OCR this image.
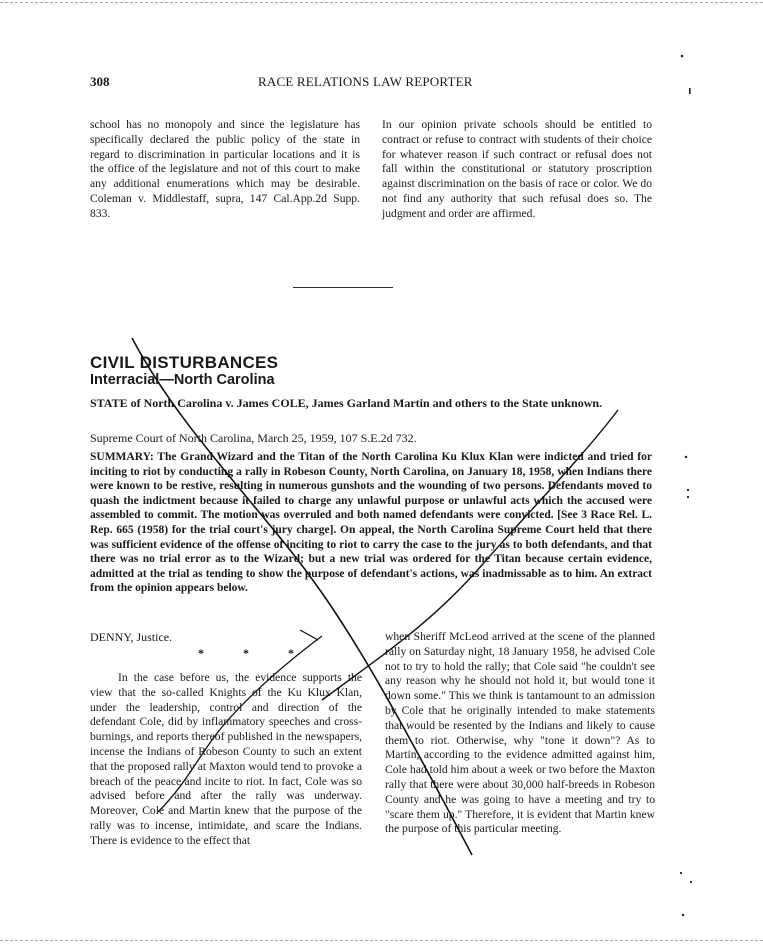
308	RACE RELATIONS LAW REPORTER

school has no monopoly and since the legislature has specifically declared the public policy of the state in regard to discrimination in particular locations and it is the office of the legislature and not of this court to make any additional enumerations which may be desirable. Coleman v. Middlestaff, supra, 147 Cal.App.2d Supp. 833.

In our opinion private schools should be entitled to contract or refuse to contract with students of their choice for whatever reason if such contract or refusal does not fall within the constitutional or statutory proscription against discrimination on the basis of race or color. We do not find any authority that such refusal does so. The judgment and order are affirmed.

CIVIL DISTURBANCES
Interracial—North Carolina
STATE of North Carolina v. James COLE, James Garland Martin and others to the State unknown.
Supreme Court of North Carolina, March 25, 1959, 107 S.E.2d 732.
SUMMARY: The Grand Wizard and the Titan of the North Carolina Ku Klux Klan were indicted and tried for inciting to riot by conducting a rally in Robeson County, North Carolina, on January 18, 1958, when Indians there were known to be restive, resulting in numerous gunshots and the wounding of two persons. Defendants moved to quash the indictment because it failed to charge any unlawful purpose or unlawful acts which the accused were assembled to commit. The motion was overruled and both named defendants were convicted. [See 3 Race Rel. L. Rep. 665 (1958) for the trial court's jury charge]. On appeal, the North Carolina Supreme Court held that there was sufficient evidence of the offense of inciting to riot to carry the case to the jury as to both defendants, and that there was no trial error as to the Wizard; but a new trial was ordered for the Titan because certain evidence, admitted at the trial as tending to show the purpose of defendant's actions, was inadmissable as to him. An extract from the opinion appears below.
DENNY, Justice.
* * *

In the case before us, the evidence supports the view that the so-called Knights of the Ku Klux Klan, under the leadership, control and direction of the defendant Cole, did by inflammatory speeches and cross-burnings, and reports thereof published in the newspapers, incense the Indians of Robeson County to such an extent that the proposed rally at Maxton would tend to provoke a breach of the peace and incite to riot. In fact, Cole was so advised before and after the rally was underway. Moreover, Cole and Martin knew that the purpose of the rally was to incense, intimidate, and scare the Indians. There is evidence to the effect that

when Sheriff McLeod arrived at the scene of the planned rally on Saturday night, 18 January 1958, he advised Cole not to try to hold the rally; that Cole said "he couldn't see any reason why he should not hold it, but would tone it down some." This we think is tantamount to an admission by Cole that he originally intended to make statements that would be resented by the Indians and likely to cause them to riot. Otherwise, why "tone it down"? As to Martin, according to the evidence admitted against him, Cole had told him about a week or two before the Maxton rally that there were about 30,000 half-breeds in Robeson County and he was going to have a meeting and try to "scare them up." Therefore, it is evident that Martin knew the purpose of this particular meeting.
